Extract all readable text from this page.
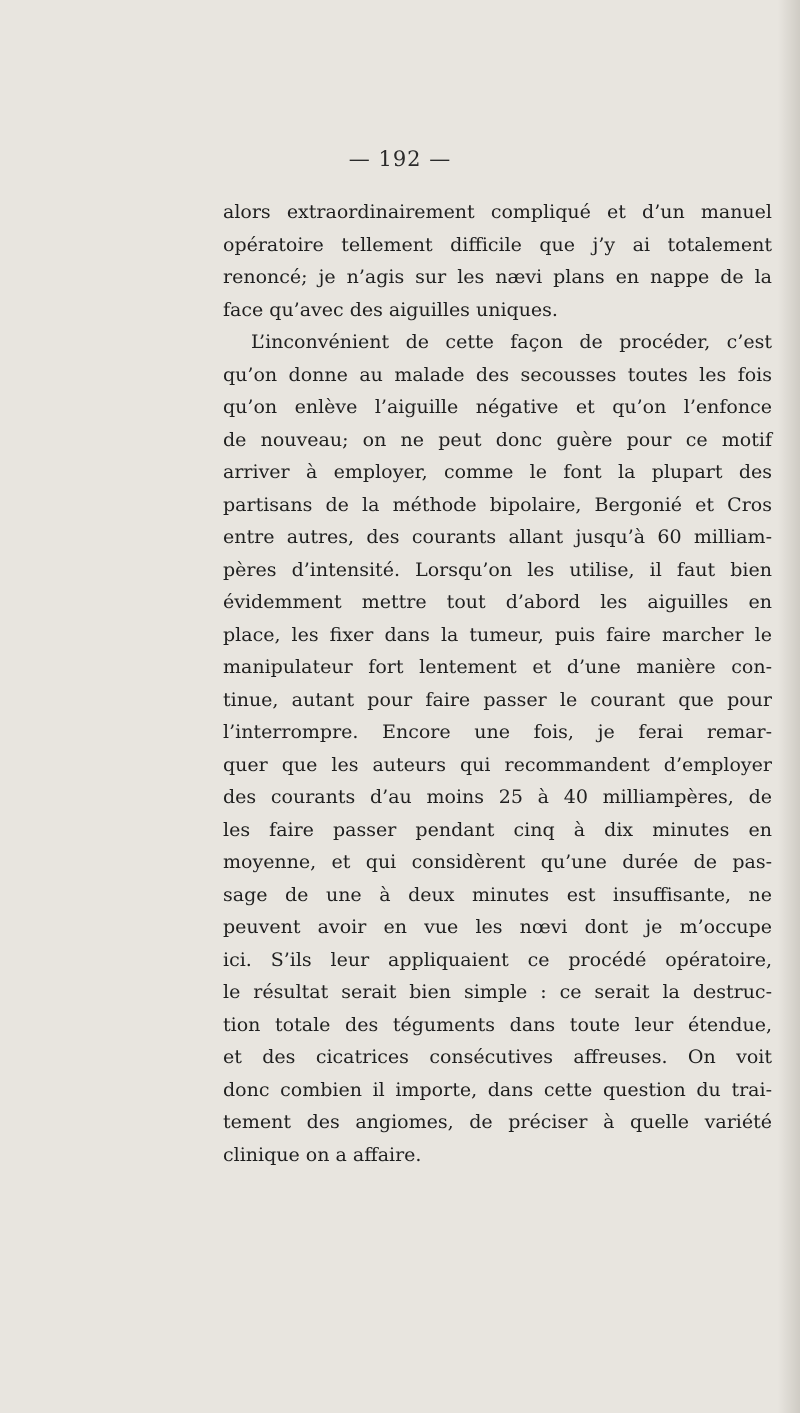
— 192 —
alors extraordinairement compliqué et d’un manuel
opératoire tellement difficile que j’y ai totalement
renoncé; je n’agis sur les nævi plans en nappe de la
face qu’avec des aiguilles uniques.
L’inconvénient de cette façon de procéder, c’est
qu’on donne au malade des secousses toutes les fois
qu’on enlève l’aiguille négative et qu’on l’enfonce
de nouveau; on ne peut donc guère pour ce motif
arriver à employer, comme le font la plupart des
partisans de la méthode bipolaire, Bergonié et Cros
entre autres, des courants allant jusqu’à 60 milliam-
pères d’intensité. Lorsqu’on les utilise, il faut bien
évidemment mettre tout d’abord les aiguilles en
place, les fixer dans la tumeur, puis faire marcher le
manipulateur fort lentement et d’une manière con-
tinue, autant pour faire passer le courant que pour
l’interrompre. Encore une fois, je ferai remar-
quer que les auteurs qui recommandent d’employer
des courants d’au moins 25 à 40 milliampères, de
les faire passer pendant cinq à dix minutes en
moyenne, et qui considèrent qu’une durée de pas-
sage de une à deux minutes est insuffisante, ne
peuvent avoir en vue les nœvi dont je m’occupe
ici. S’ils leur appliquaient ce procédé opératoire,
le résultat serait bien simple : ce serait la destruc-
tion totale des téguments dans toute leur étendue,
et des cicatrices consécutives affreuses. On voit
donc combien il importe, dans cette question du trai-
tement des angiomes, de préciser à quelle variété
clinique on a affaire.
